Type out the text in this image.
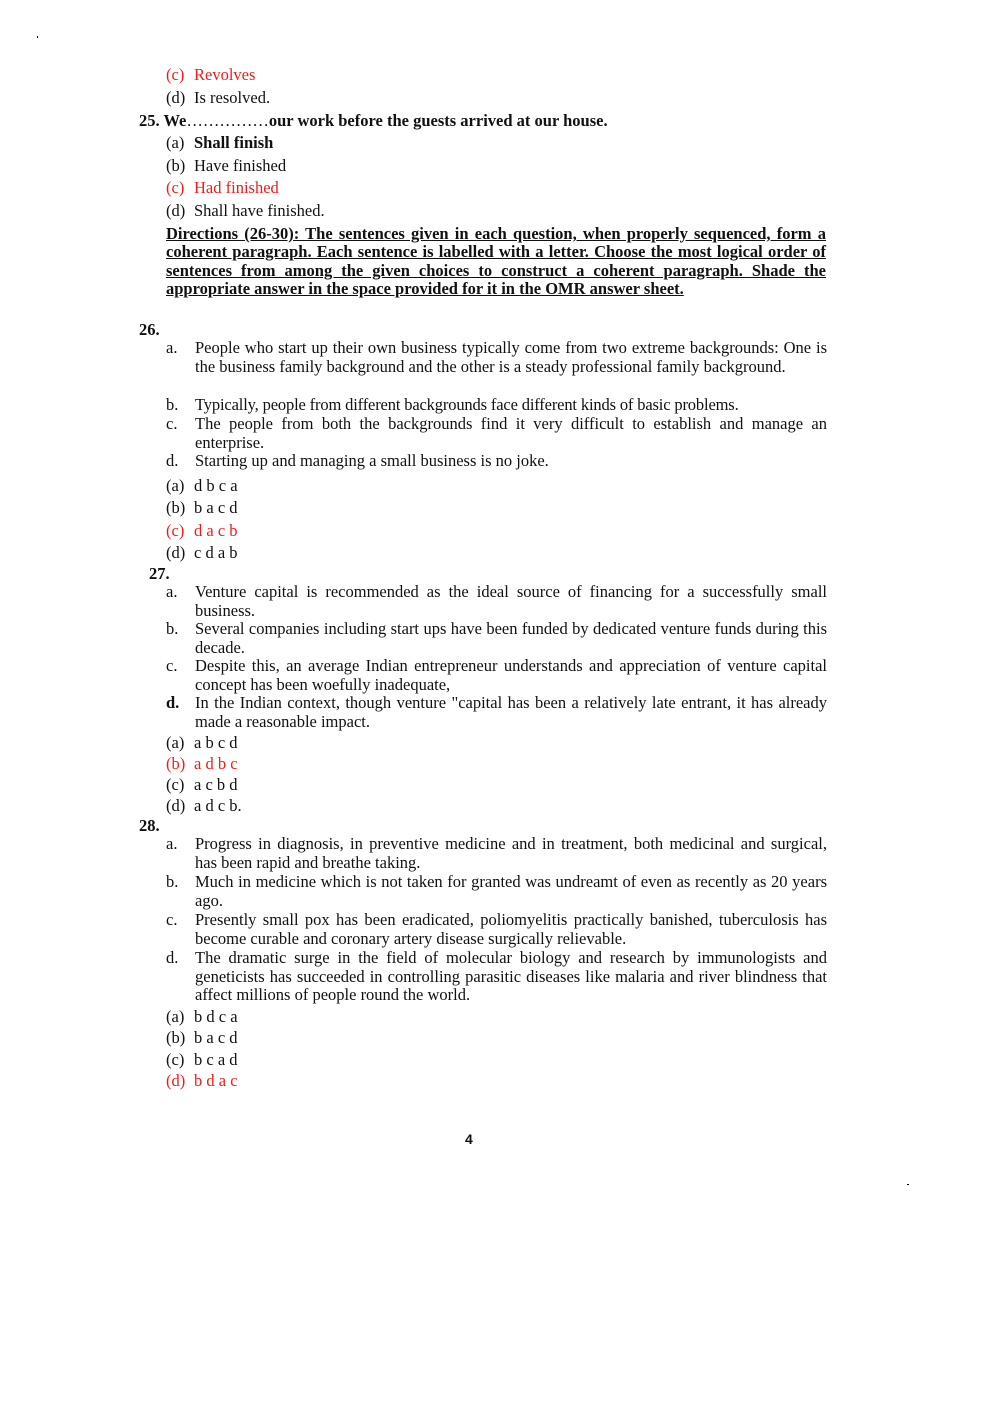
(c) Revolves
(d) Is resolved.
25. We……………our work before the guests arrived at our house.
(a) Shall finish
(b) Have finished
(c) Had finished
(d) Shall have finished.
Directions (26-30): The sentences given in each question, when properly sequenced, form a coherent paragraph. Each sentence is labelled with a letter. Choose the most logical order of sentences from among the given choices to construct a coherent paragraph. Shade the appropriate answer in the space provided for it in the OMR answer sheet.
26.
a.	People who start up their own business typically come from two extreme backgrounds: One is the business family background and the other is a steady professional family background.
b.	Typically, people from different backgrounds face different kinds of basic problems.
c.	The people from both the backgrounds find it very difficult to establish and manage an enterprise.
d.	Starting up and managing a small business is no joke.
(a) d b c a
(b) b a c d
(c) d a c b
(d) c d a b
27.
a.	Venture capital is recommended as the ideal source of financing for a successfully small business.
b.	Several companies including start ups have been funded by dedicated venture funds during this decade.
c.	Despite this, an average Indian entrepreneur understands and appreciation of venture capital concept has been woefully inadequate,
d. In the Indian context, though venture "capital has been a relatively late entrant, it has already made a reasonable impact.
(a) a b c d
(b) a d b c
(c) a c b d
(d) a d c b.
28.
a.	Progress in diagnosis, in preventive medicine and in treatment, both medicinal and surgical, has been rapid and breathe taking.
b.	Much in medicine which is not taken for granted was undreamt of even as recently as 20 years ago.
c.	Presently small pox has been eradicated, poliomyelitis practically banished, tuberculosis has become curable and coronary artery disease surgically relievable.
d.	The dramatic surge in the field of molecular biology and research by immunologists and geneticists has succeeded in controlling parasitic diseases like malaria and river blindness that affect millions of people round the world.
(a) b d c a
(b) b a c d
(c) b c a d
(d) b d a c
4
